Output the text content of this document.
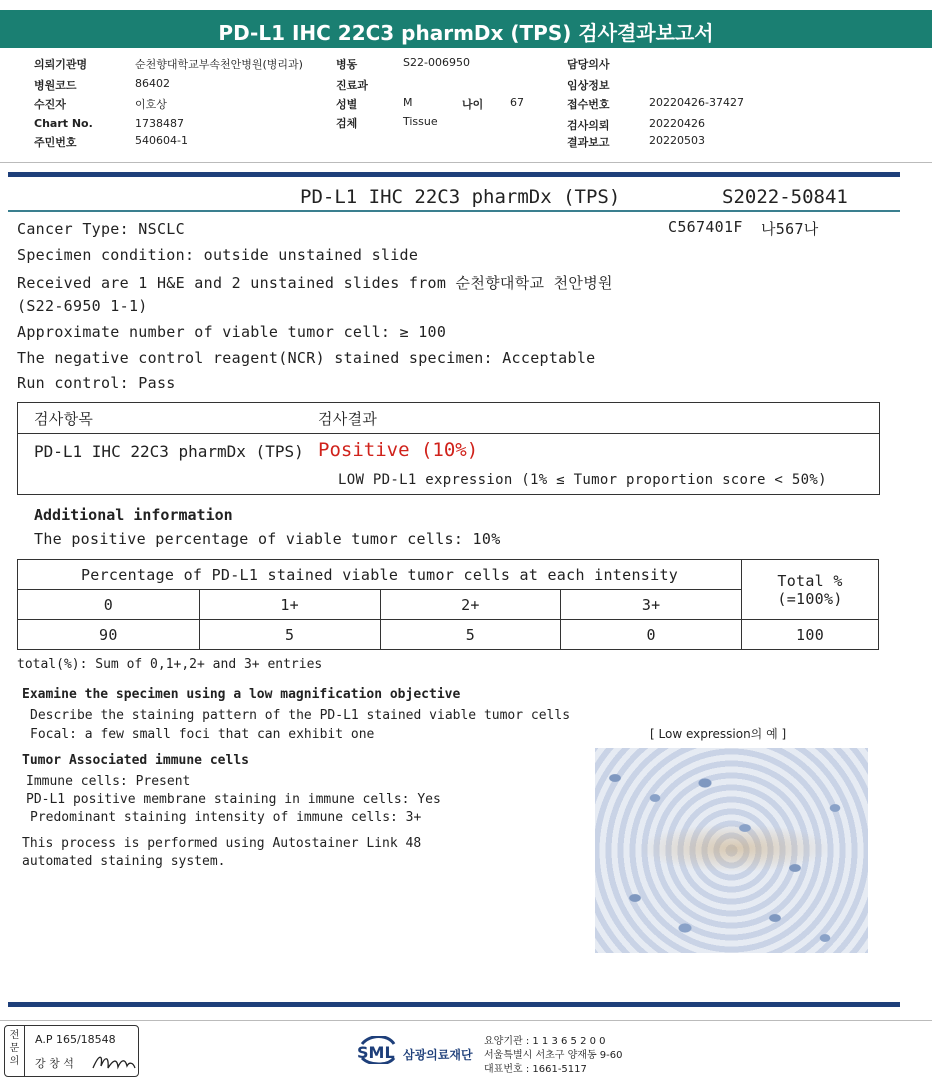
PD-L1 IHC 22C3 pharmDx (TPS) 검사결과보고서
의뢰기관명	순천향대학교부속천안병원(병리과)
병원코드	86402
수진자	이호상
Chart No.	1738487
주민번호	540604-1
병동	S22-006950
진료과
성별	M	나이 67
검체	Tissue
담당의사
임상정보
접수번호	20220426-37427
검사의뢰	20220426
결과보고	20220503
PD-L1 IHC 22C3 pharmDx (TPS)	S2022-50841
Cancer Type: NSCLC	C567401F 나567나
Specimen condition: outside unstained slide
Received are 1 H&E and 2 unstained slides from 순천향대학교 천안병원
(S22-6950 1-1)
Approximate number of viable tumor cell: ≥ 100
The negative control reagent(NCR) stained specimen: Acceptable
Run control: Pass
검사항목	검사결과
PD-L1 IHC 22C3 pharmDx (TPS) Positive (10%)
LOW PD-L1 expression (1% ≤ Tumor proportion score < 50%)
Additional information
The positive percentage of viable tumor cells: 10%
Percentage of PD-L1 stained viable tumor cells at each intensity				Total %
(=100%)

0	1+	2+	3+	
90	5	5	0	100
total(%): Sum of 0,1+,2+ and 3+ entries
Examine the specimen using a low magnification objective
Describe the staining pattern of the PD-L1 stained viable tumor cells
Focal: a few small foci that can exhibit one	[ Low expression의 예 ]
Tumor Associated immune cells
Immune cells: Present
PD-L1 positive membrane staining in immune cells: Yes
Predominant staining intensity of immune cells: 3+
This process is performed using Autostainer Link 48
automated staining system.
전문의
A.P 165/18548
강 창 석
SML 삼광의료재단
요양기관 : 1 1 3 6 5 2 0 0
서울특별시 서초구 양재동 9-60
대표번호 : 1661-5117
